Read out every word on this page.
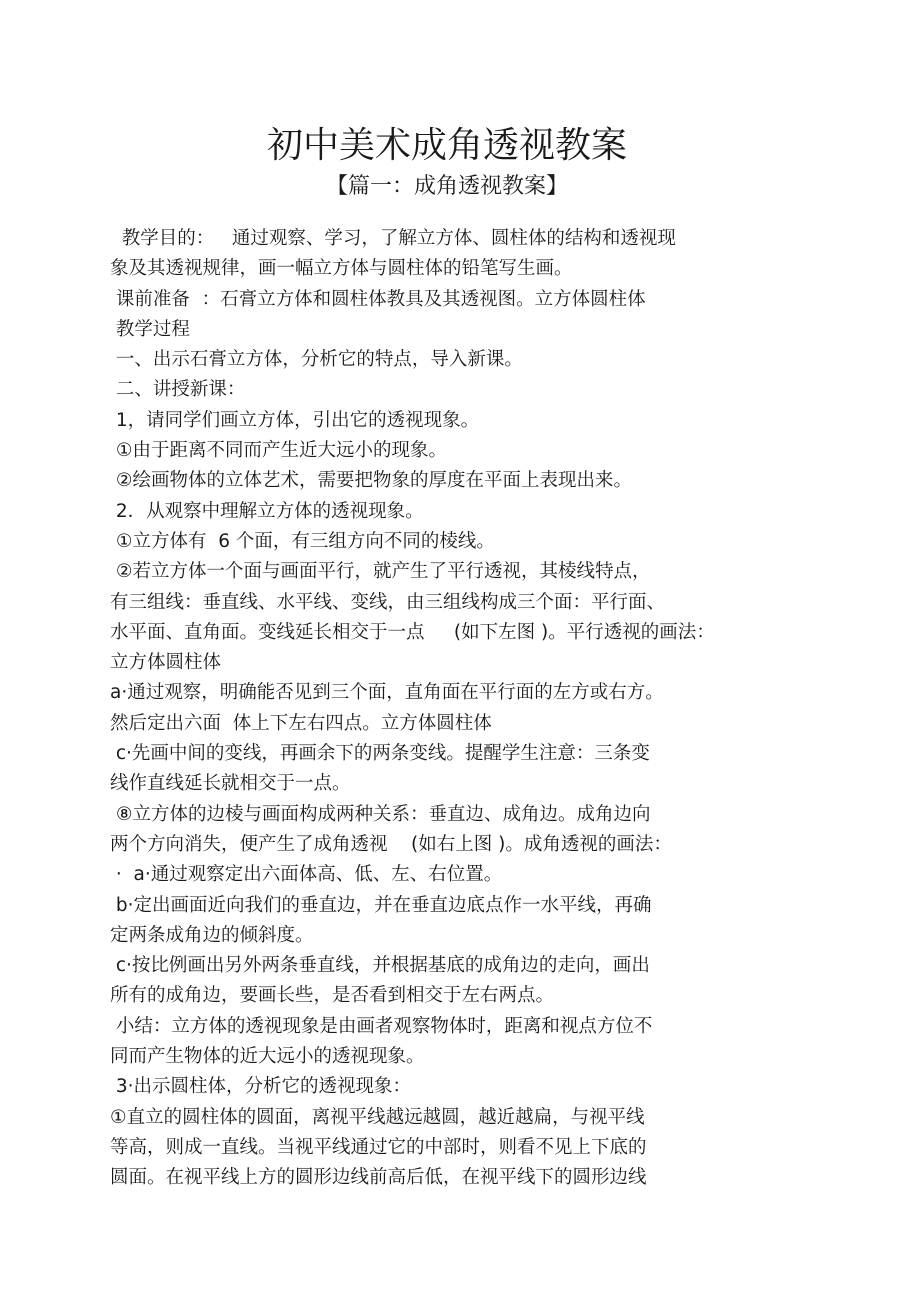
初中美术成角透视教案
【篇一：成角透视教案】
教学目的：   通过观察、学习，了解立方体、圆柱体的结构和透视现
象及其透视规律，画一幅立方体与圆柱体的铅笔写生画。
课前准备  ：石膏立方体和圆柱体教具及其透视图。立方体圆柱体
教学过程
一、出示石膏立方体，分析它的特点，导入新课。
二、讲授新课：
1，请同学们画立方体，引出它的透视现象。
①由于距离不同而产生近大远小的现象。
②绘画物体的立体艺术，需要把物象的厚度在平面上表现出来。
2．从观察中理解立方体的透视现象。
①立方体有  6 个面，有三组方向不同的棱线。
②若立方体一个面与画面平行，就产生了平行透视，其棱线特点，
有三组线：垂直线、水平线、变线，由三组线构成三个面：平行面、
水平面、直角面。变线延长相交于一点     (如下左图 )。平行透视的画法：
立方体圆柱体
a·通过观察，明确能否见到三个面，直角面在平行面的左方或右方。
然后定出六面  体上下左右四点。立方体圆柱体
c·先画中间的变线，再画余下的两条变线。提醒学生注意：三条变
线作直线延长就相交于一点。
⑧立方体的边棱与画面构成两种关系：垂直边、成角边。成角边向
两个方向消失，便产生了成角透视    (如右上图 )。成角透视的画法：
·  a·通过观察定出六面体高、低、左、右位置。
b·定出画面近向我们的垂直边，并在垂直边底点作一水平线，再确
定两条成角边的倾斜度。
c·按比例画出另外两条垂直线，并根据基底的成角边的走向，画出
所有的成角边，要画长些，是否看到相交于左右两点。
小结：立方体的透视现象是由画者观察物体时，距离和视点方位不
同而产生物体的近大远小的透视现象。
3·出示圆柱体，分析它的透视现象：
①直立的圆柱体的圆面，离视平线越远越圆，越近越扁，与视平线
等高，则成一直线。当视平线通过它的中部时，则看不见上下底的
圆面。在视平线上方的圆形边线前高后低，在视平线下的圆形边线
